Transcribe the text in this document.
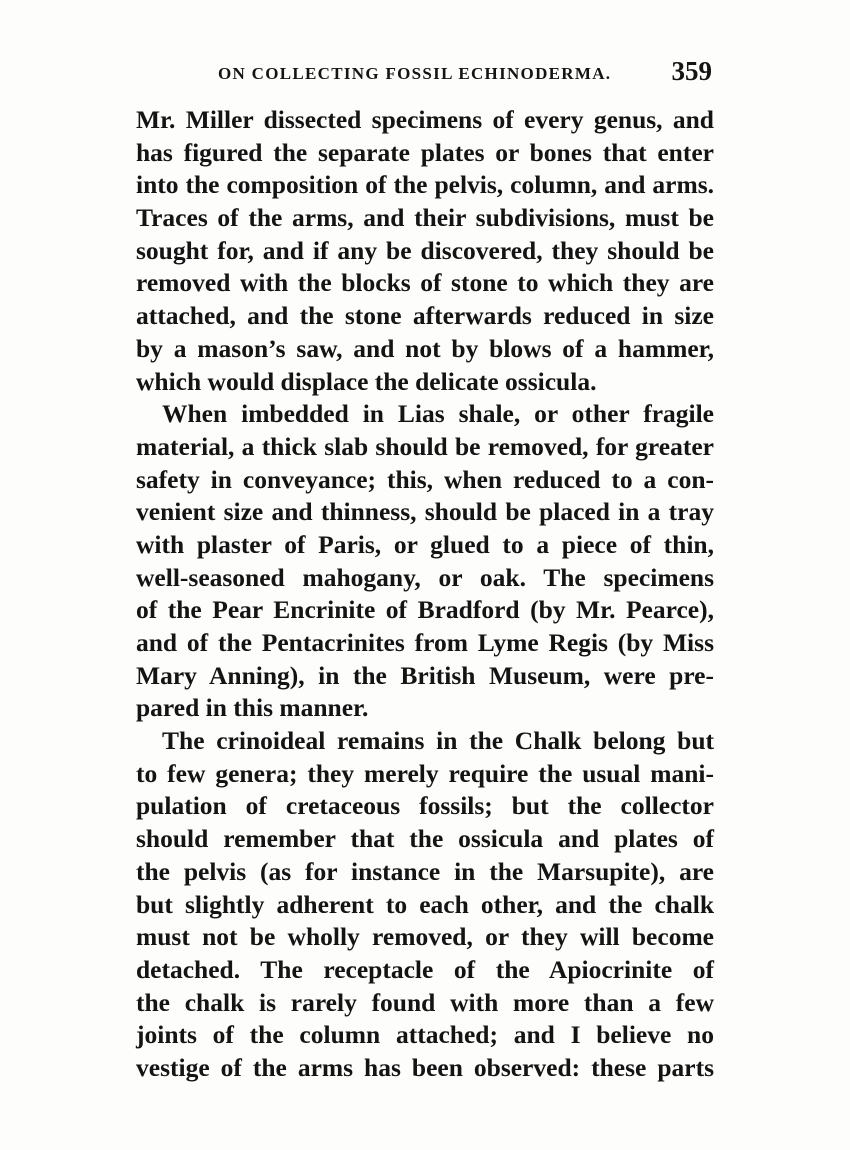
ON COLLECTING FOSSIL ECHINODERMA. 359
Mr. Miller dissected specimens of every genus, and
has figured the separate plates or bones that enter
into the composition of the pelvis, column, and arms.
Traces of the arms, and their subdivisions, must be
sought for, and if any be discovered, they should be
removed with the blocks of stone to which they are
attached, and the stone afterwards reduced in size
by a mason’s saw, and not by blows of a hammer,
which would displace the delicate ossicula.
When imbedded in Lias shale, or other fragile
material, a thick slab should be removed, for greater
safety in conveyance; this, when reduced to a con-
venient size and thinness, should be placed in a tray
with plaster of Paris, or glued to a piece of thin,
well-seasoned mahogany, or oak. The specimens
of the Pear Encrinite of Bradford (by Mr. Pearce),
and of the Pentacrinites from Lyme Regis (by Miss
Mary Anning), in the British Museum, were pre-
pared in this manner.
The crinoideal remains in the Chalk belong but
to few genera; they merely require the usual mani-
pulation of cretaceous fossils; but the collector
should remember that the ossicula and plates of
the pelvis (as for instance in the Marsupite), are
but slightly adherent to each other, and the chalk
must not be wholly removed, or they will become
detached. The receptacle of the Apiocrinite of
the chalk is rarely found with more than a few
joints of the column attached; and I believe no
vestige of the arms has been observed: these parts
